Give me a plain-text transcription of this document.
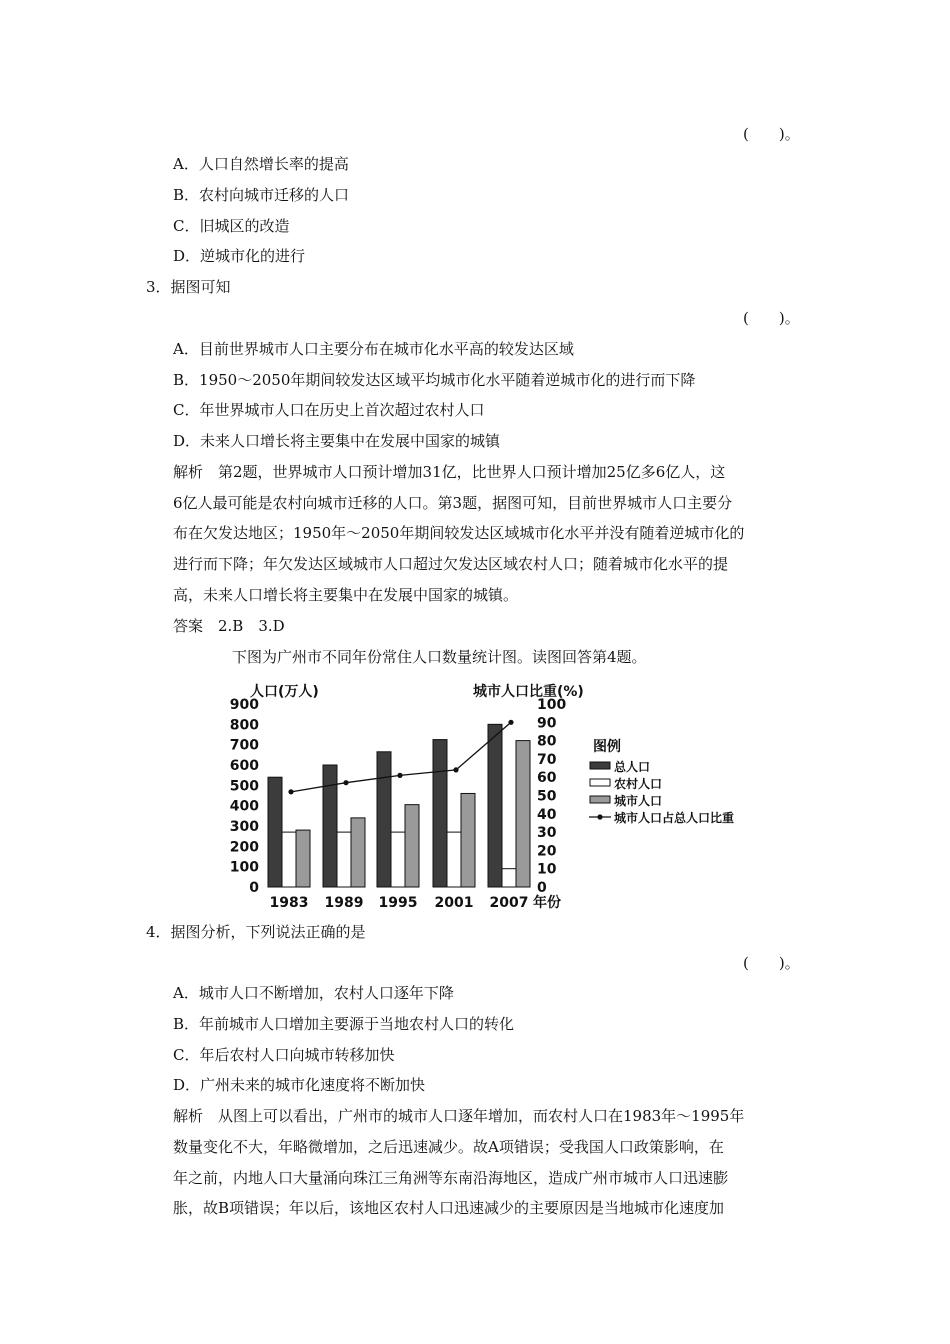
(　　)。
A．人口自然增长率的提高
B．农村向城市迁移的人口
C．旧城区的改造
D．逆城市化的进行
3．据图可知
(　　)。
A．目前世界城市人口主要分布在城市化水平高的较发达区域
B．1950～2050年期间较发达区域平均城市化水平随着逆城市化的进行而下降
C．年世界城市人口在历史上首次超过农村人口
D．未来人口增长将主要集中在发展中国家的城镇
解析　第2题，世界城市人口预计增加31亿，比世界人口预计增加25亿多6亿人，这
6亿人最可能是农村向城市迁移的人口。第3题，据图可知，目前世界城市人口主要分
布在欠发达地区；1950年～2050年期间较发达区域城市化水平并没有随着逆城市化的
进行而下降；年欠发达区域城市人口超过欠发达区域农村人口；随着城市化水平的提
高，未来人口增长将主要集中在发展中国家的城镇。
答案　2.B　3.D
下图为广州市不同年份常住人口数量统计图。读图回答第4题。
人口(万人)	城市人口比重(%)
年份
900
800
700
600
500
400
300
200
100
0
100
90
80
70
60
50
40
30
20
10
0
1983 1989 1995 2001 2007
图例
总人口
农村人口
城市人口
城市人口占总人口比重
4．据图分析，下列说法正确的是
(　　)。
A．城市人口不断增加，农村人口逐年下降
B．年前城市人口增加主要源于当地农村人口的转化
C．年后农村人口向城市转移加快
D．广州未来的城市化速度将不断加快
解析　从图上可以看出，广州市的城市人口逐年增加，而农村人口在1983年～1995年
数量变化不大，年略微增加，之后迅速减少。故A项错误；受我国人口政策影响，在
年之前，内地人口大量涌向珠江三角洲等东南沿海地区，造成广州市城市人口迅速膨
胀，故B项错误；年以后，该地区农村人口迅速减少的主要原因是当地城市化速度加
